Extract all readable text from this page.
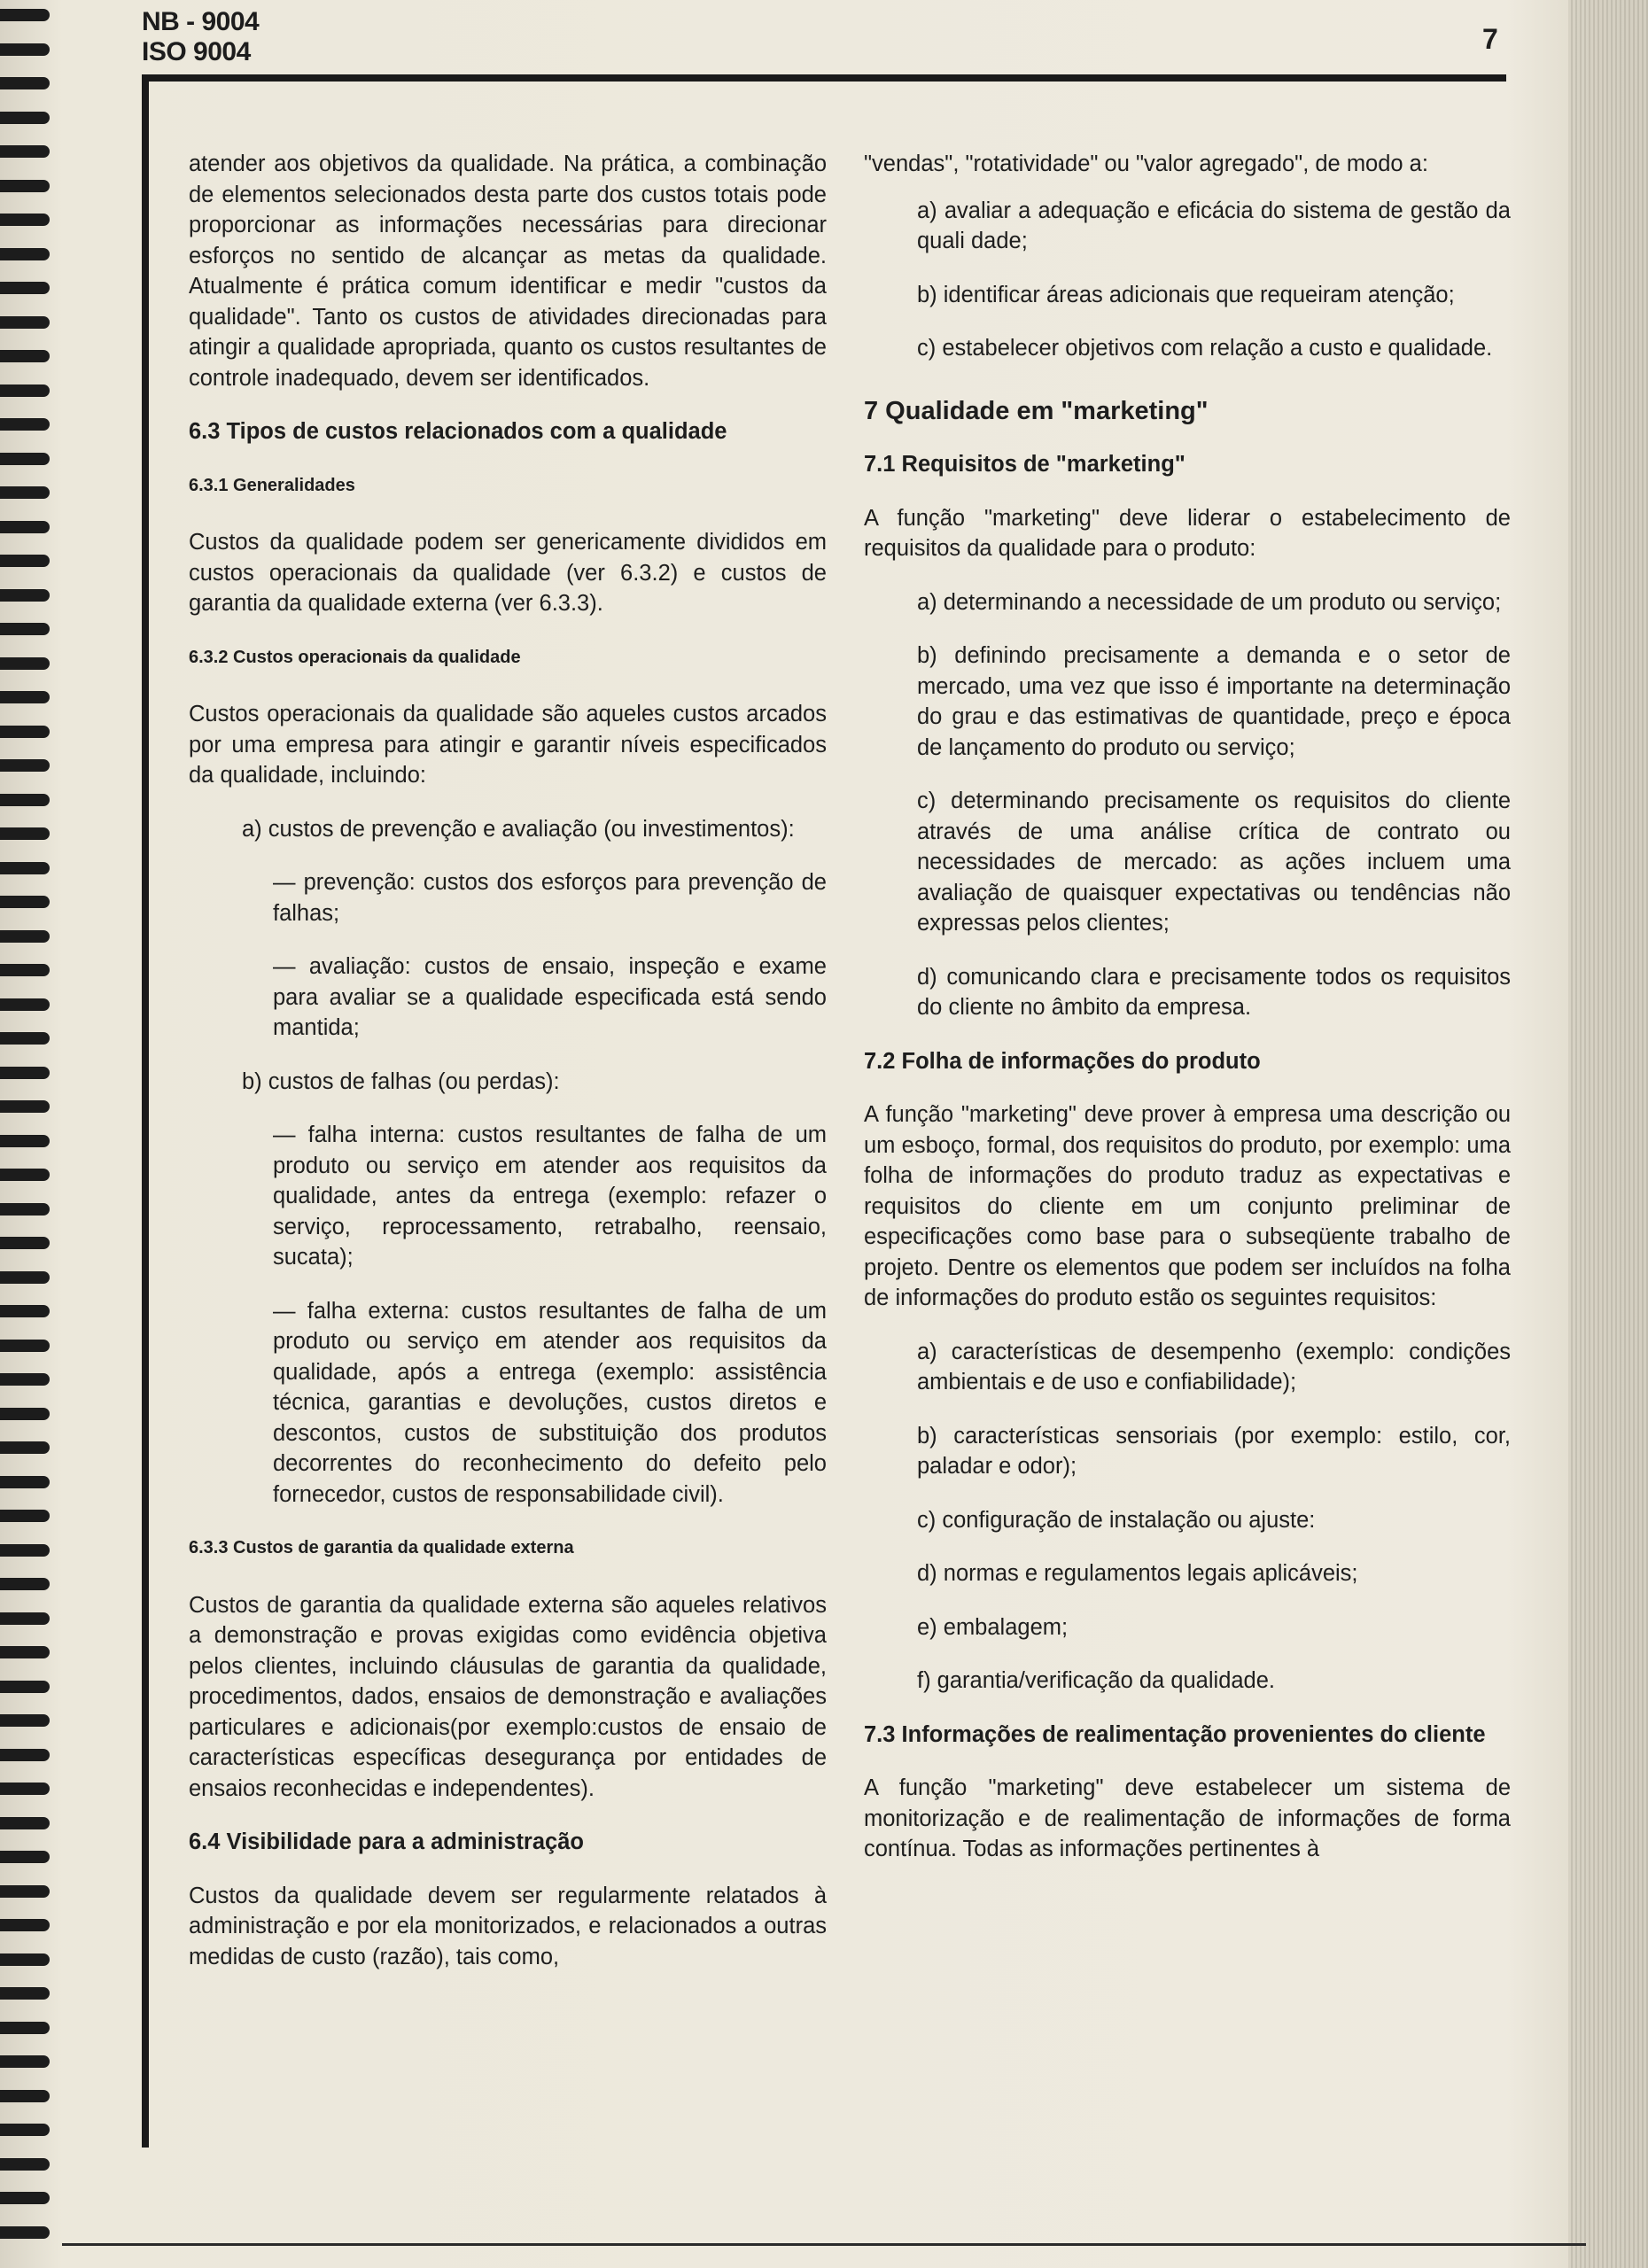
NB - 9004
ISO 9004	7

atender aos objetivos da qualidade. Na prática, a combinação de elementos selecionados desta parte dos custos totais pode proporcionar as informações necessárias para direcionar esforços no sentido de alcançar as metas da qualidade. Atualmente é prática comum identificar e medir "custos da qualidade". Tanto os custos de atividades direcionadas para atingir a qualidade apropriada, quanto os custos resultantes de controle inadequado, devem ser identificados.

6.3 Tipos de custos relacionados com a qualidade
6.3.1 Generalidades

Custos da qualidade podem ser genericamente divididos em custos operacionais da qualidade (ver 6.3.2) e custos de garantia da qualidade externa (ver 6.3.3).

6.3.2 Custos operacionais da qualidade

Custos operacionais da qualidade são aqueles custos arcados por uma empresa para atingir e garantir níveis especificados da qualidade, incluindo:

a) custos de prevenção e avaliação (ou investimentos):
— prevenção: custos dos esforços para prevenção de falhas;
— avaliação: custos de ensaio, inspeção e exame para avaliar se a qualidade especificada está sendo mantida;
b) custos de falhas (ou perdas):
— falha interna: custos resultantes de falha de um produto ou serviço em atender aos requisitos da qualidade, antes da entrega (exemplo: refazer o serviço, reprocessamento, retrabalho, reensaio, sucata);
— falha externa: custos resultantes de falha de um produto ou serviço em atender aos requisitos da qualidade, após a entrega (exemplo: assistência técnica, garantias e devoluções, custos diretos e descontos, custos de substituição dos produtos decorrentes do reconhecimento do defeito pelo fornecedor, custos de responsabilidade civil).
6.3.3 Custos de garantia da qualidade externa

Custos de garantia da qualidade externa são aqueles relativos a demonstração e provas exigidas como evidência objetiva pelos clientes, incluindo cláusulas de garantia da qualidade, procedimentos, dados, ensaios de demonstração e avaliações particulares e adicionais(por exemplo:custos de ensaio de características específicas desegurança por entidades de ensaios reconhecidas e independentes).

6.4 Visibilidade para a administração

Custos da qualidade devem ser regularmente relatados à administração e por ela monitorizados, e relacionados a outras medidas de custo (razão), tais como,

"vendas", "rotatividade" ou "valor agregado", de modo a:

a) avaliar a adequação e eficácia do sistema de gestão da quali dade;
b) identificar áreas adicionais que requeiram atenção;
c) estabelecer objetivos com relação a custo e qualidade.
7 Qualidade em "marketing"
7.1 Requisitos de "marketing"

A função "marketing" deve liderar o estabelecimento de requisitos da qualidade para o produto:

a) determinando a necessidade de um produto ou serviço;
b) definindo precisamente a demanda e o setor de mercado, uma vez que isso é importante na determinação do grau e das estimativas de quantidade, preço e época de lançamento do produto ou serviço;
c) determinando precisamente os requisitos do cliente através de uma análise crítica de contrato ou necessidades de mercado: as ações incluem uma avaliação de quaisquer expectativas ou tendências não expressas pelos clientes;
d) comunicando clara e precisamente todos os requisitos do cliente no âmbito da empresa.
7.2 Folha de informações do produto

A função "marketing" deve prover à empresa uma descrição ou um esboço, formal, dos requisitos do produto, por exemplo: uma folha de informações do produto traduz as expectativas e requisitos do cliente em um conjunto preliminar de especificações como base para o subseqüente trabalho de projeto. Dentre os elementos que podem ser incluídos na folha de informações do produto estão os seguintes requisitos:

a) características de desempenho (exemplo: condições ambientais e de uso e confiabilidade);
b) características sensoriais (por exemplo: estilo, cor, paladar e odor);
c) configuração de instalação ou ajuste:
d) normas e regulamentos legais aplicáveis;
e) embalagem;
f) garantia/verificação da qualidade.
7.3 Informações de realimentação provenientes do cliente

A função "marketing" deve estabelecer um sistema de monitorização e de realimentação de informações de forma contínua. Todas as informações pertinentes à
